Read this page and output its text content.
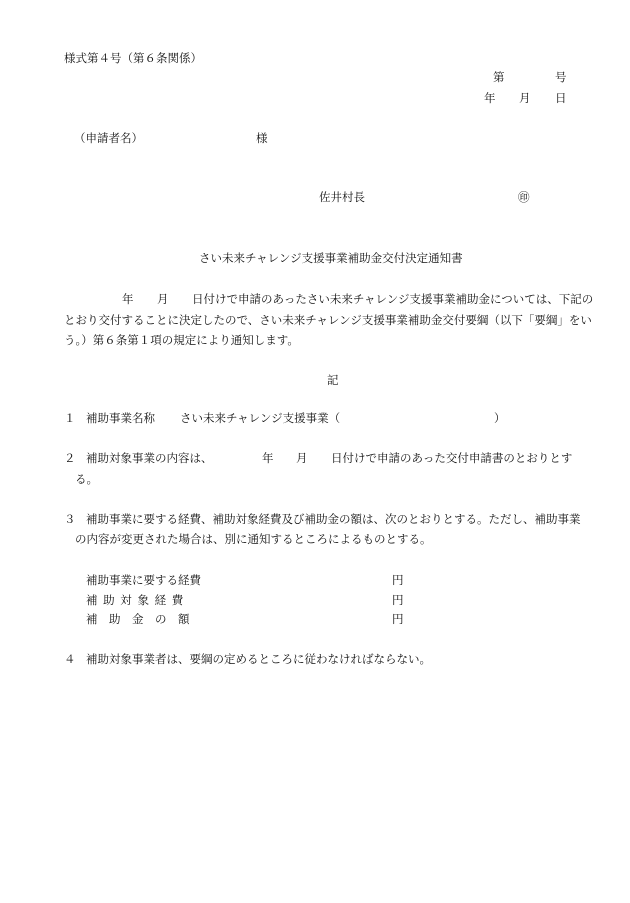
様式第４号（第６条関係）
第	号
年 月 日
（申請者名）	様
佐井村長	㊞
さい未来チャレンジ支援事業補助金交付決定通知書
年 月 日付けで申請のあったさい未来チャレンジ支援事業補助金については、下記の
とおり交付することに決定したので、さい未来チャレンジ支援事業補助金交付要綱（以下「要綱」をい
う。）第６条第１項の規定により通知します。
記
１ 補助事業名称 さい未来チャレンジ支援事業（	）
２ 補助対象事業の内容は、	年 月 日付けで申請のあった交付申請書のとおりとす
る。
３ 補助事業に要する経費、補助対象経費及び補助金の額は、次のとおりとする。ただし、補助事業
の内容が変更された場合は、別に通知するところによるものとする。
補助事業に要する経費	円
補 助 対 象 経 費	円
補　助　金　の　額	円
４ 補助対象事業者は、要綱の定めるところに従わなければならない。
